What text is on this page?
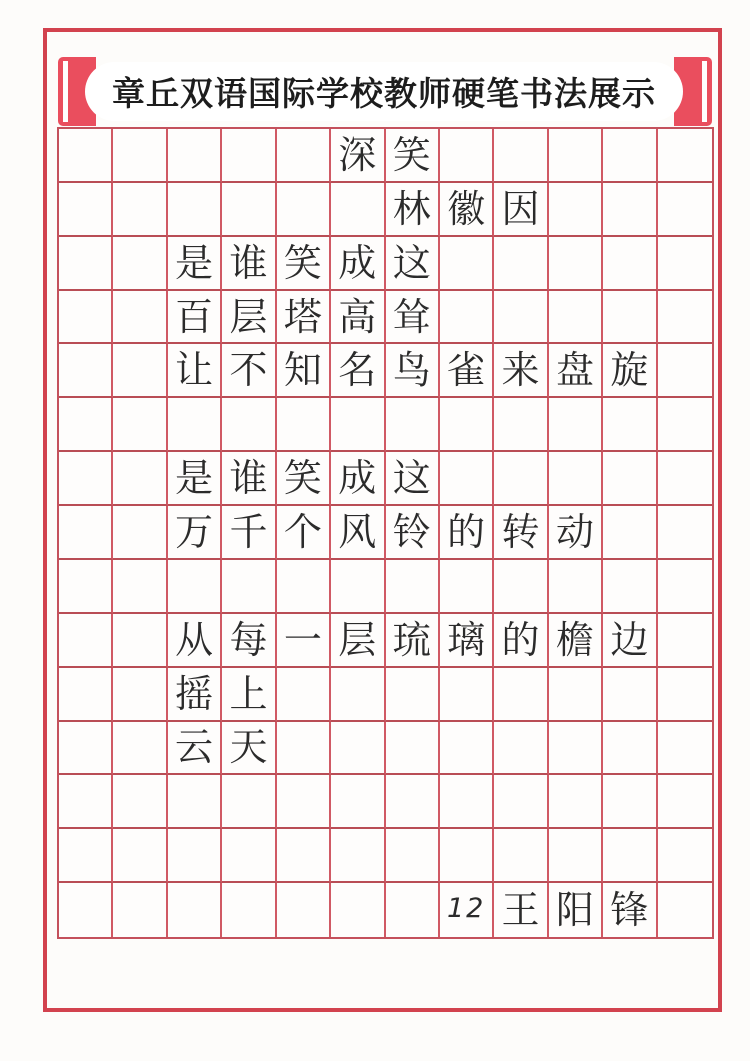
章丘双语国际学校教师硬笔书法展示
深 笑
林 徽 因
是 谁 笑 成 这
百 层 塔 高 耸
让 不 知 名 鸟 雀 来 盘 旋
是 谁 笑 成 这
万 千 个 风 铃 的 转 动
从 每 一 层 琉 璃 的 檐 边
摇 上
云 天
12 王 阳 锋
